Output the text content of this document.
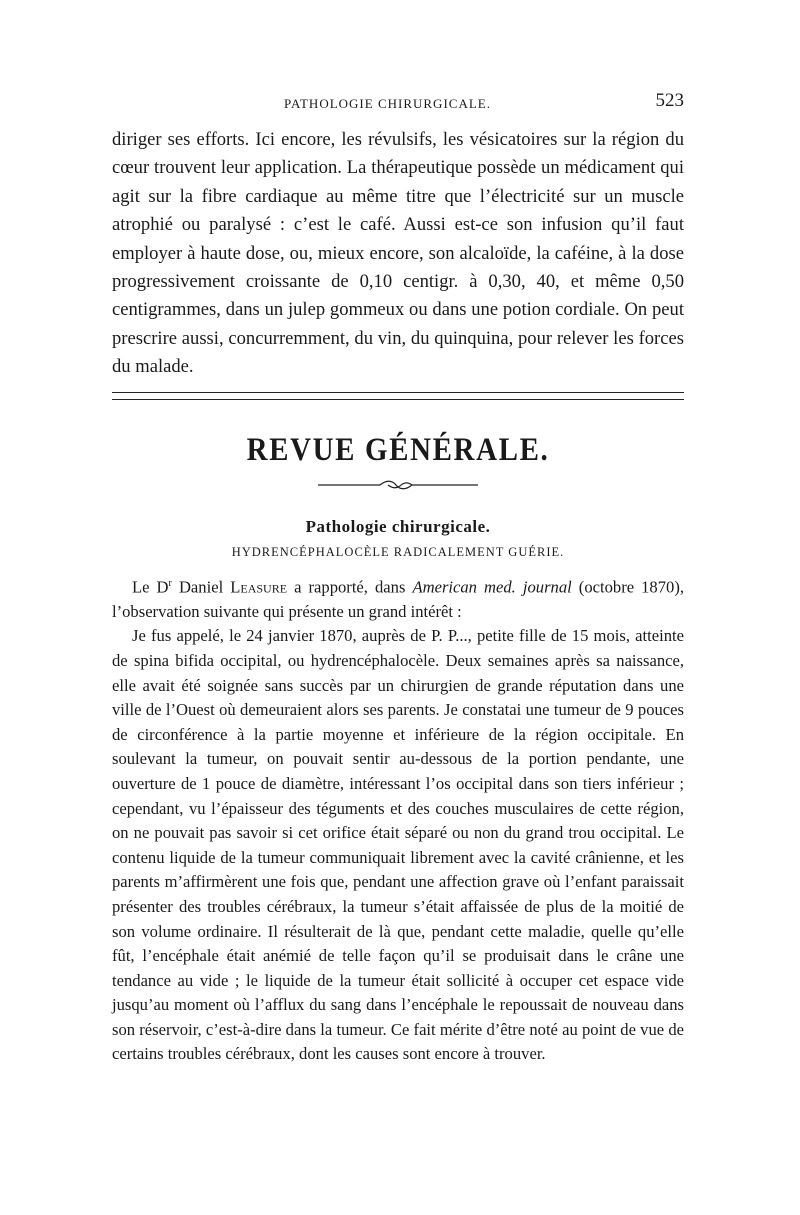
PATHOLOGIE CHIRURGICALE.	523

diriger ses efforts. Ici encore, les révulsifs, les vésicatoires sur la région du cœur trouvent leur application. La thérapeutique possède un médicament qui agit sur la fibre cardiaque au même titre que l’électricité sur un muscle atrophié ou paralysé : c’est le café. Aussi est-ce son infusion qu’il faut employer à haute dose, ou, mieux encore, son alcaloïde, la caféine, à la dose progressivement croissante de 0,10 centigr. à 0,30, 40, et même 0,50 centigrammes, dans un julep gommeux ou dans une potion cordiale. On peut prescrire aussi, concurremment, du vin, du quinquina, pour relever les forces du malade.

REVUE GÉNÉRALE.
Pathologie chirurgicale.
HYDRENCÉPHALOCÈLE RADICALEMENT GUÉRIE.

Le $D^r$ Daniel Leasure a rapporté, dans American med. journal (octobre 1870), l’observation suivante qui présente un grand intérêt :

Je fus appelé, le 24 janvier 1870, auprès de P. P..., petite fille de 15 mois, atteinte de spina bifida occipital, ou hydrencéphalocèle. Deux semaines après sa naissance, elle avait été soignée sans succès par un chirurgien de grande réputation dans une ville de l’Ouest où demeuraient alors ses parents. Je constatai une tumeur de 9 pouces de circonférence à la partie moyenne et inférieure de la région occipitale. En soulevant la tumeur, on pouvait sentir au-dessous de la portion pendante, une ouverture de 1 pouce de diamètre, intéressant l’os occipital dans son tiers inférieur ; cependant, vu l’épaisseur des téguments et des couches musculaires de cette région, on ne pouvait pas savoir si cet orifice était séparé ou non du grand trou occipital. Le contenu liquide de la tumeur communiquait librement avec la cavité crânienne, et les parents m’affirmèrent une fois que, pendant une affection grave où l’enfant paraissait présenter des troubles cérébraux, la tumeur s’était affaissée de plus de la moitié de son volume ordinaire. Il résulterait de là que, pendant cette maladie, quelle qu’elle fût, l’encéphale était anémié de telle façon qu’il se produisait dans le crâne une tendance au vide ; le liquide de la tumeur était sollicité à occuper cet espace vide jusqu’au moment où l’afflux du sang dans l’encéphale le repoussait de nouveau dans son réservoir, c’est-à-dire dans la tumeur. Ce fait mérite d’être noté au point de vue de certains troubles cérébraux, dont les causes sont encore à trouver.
